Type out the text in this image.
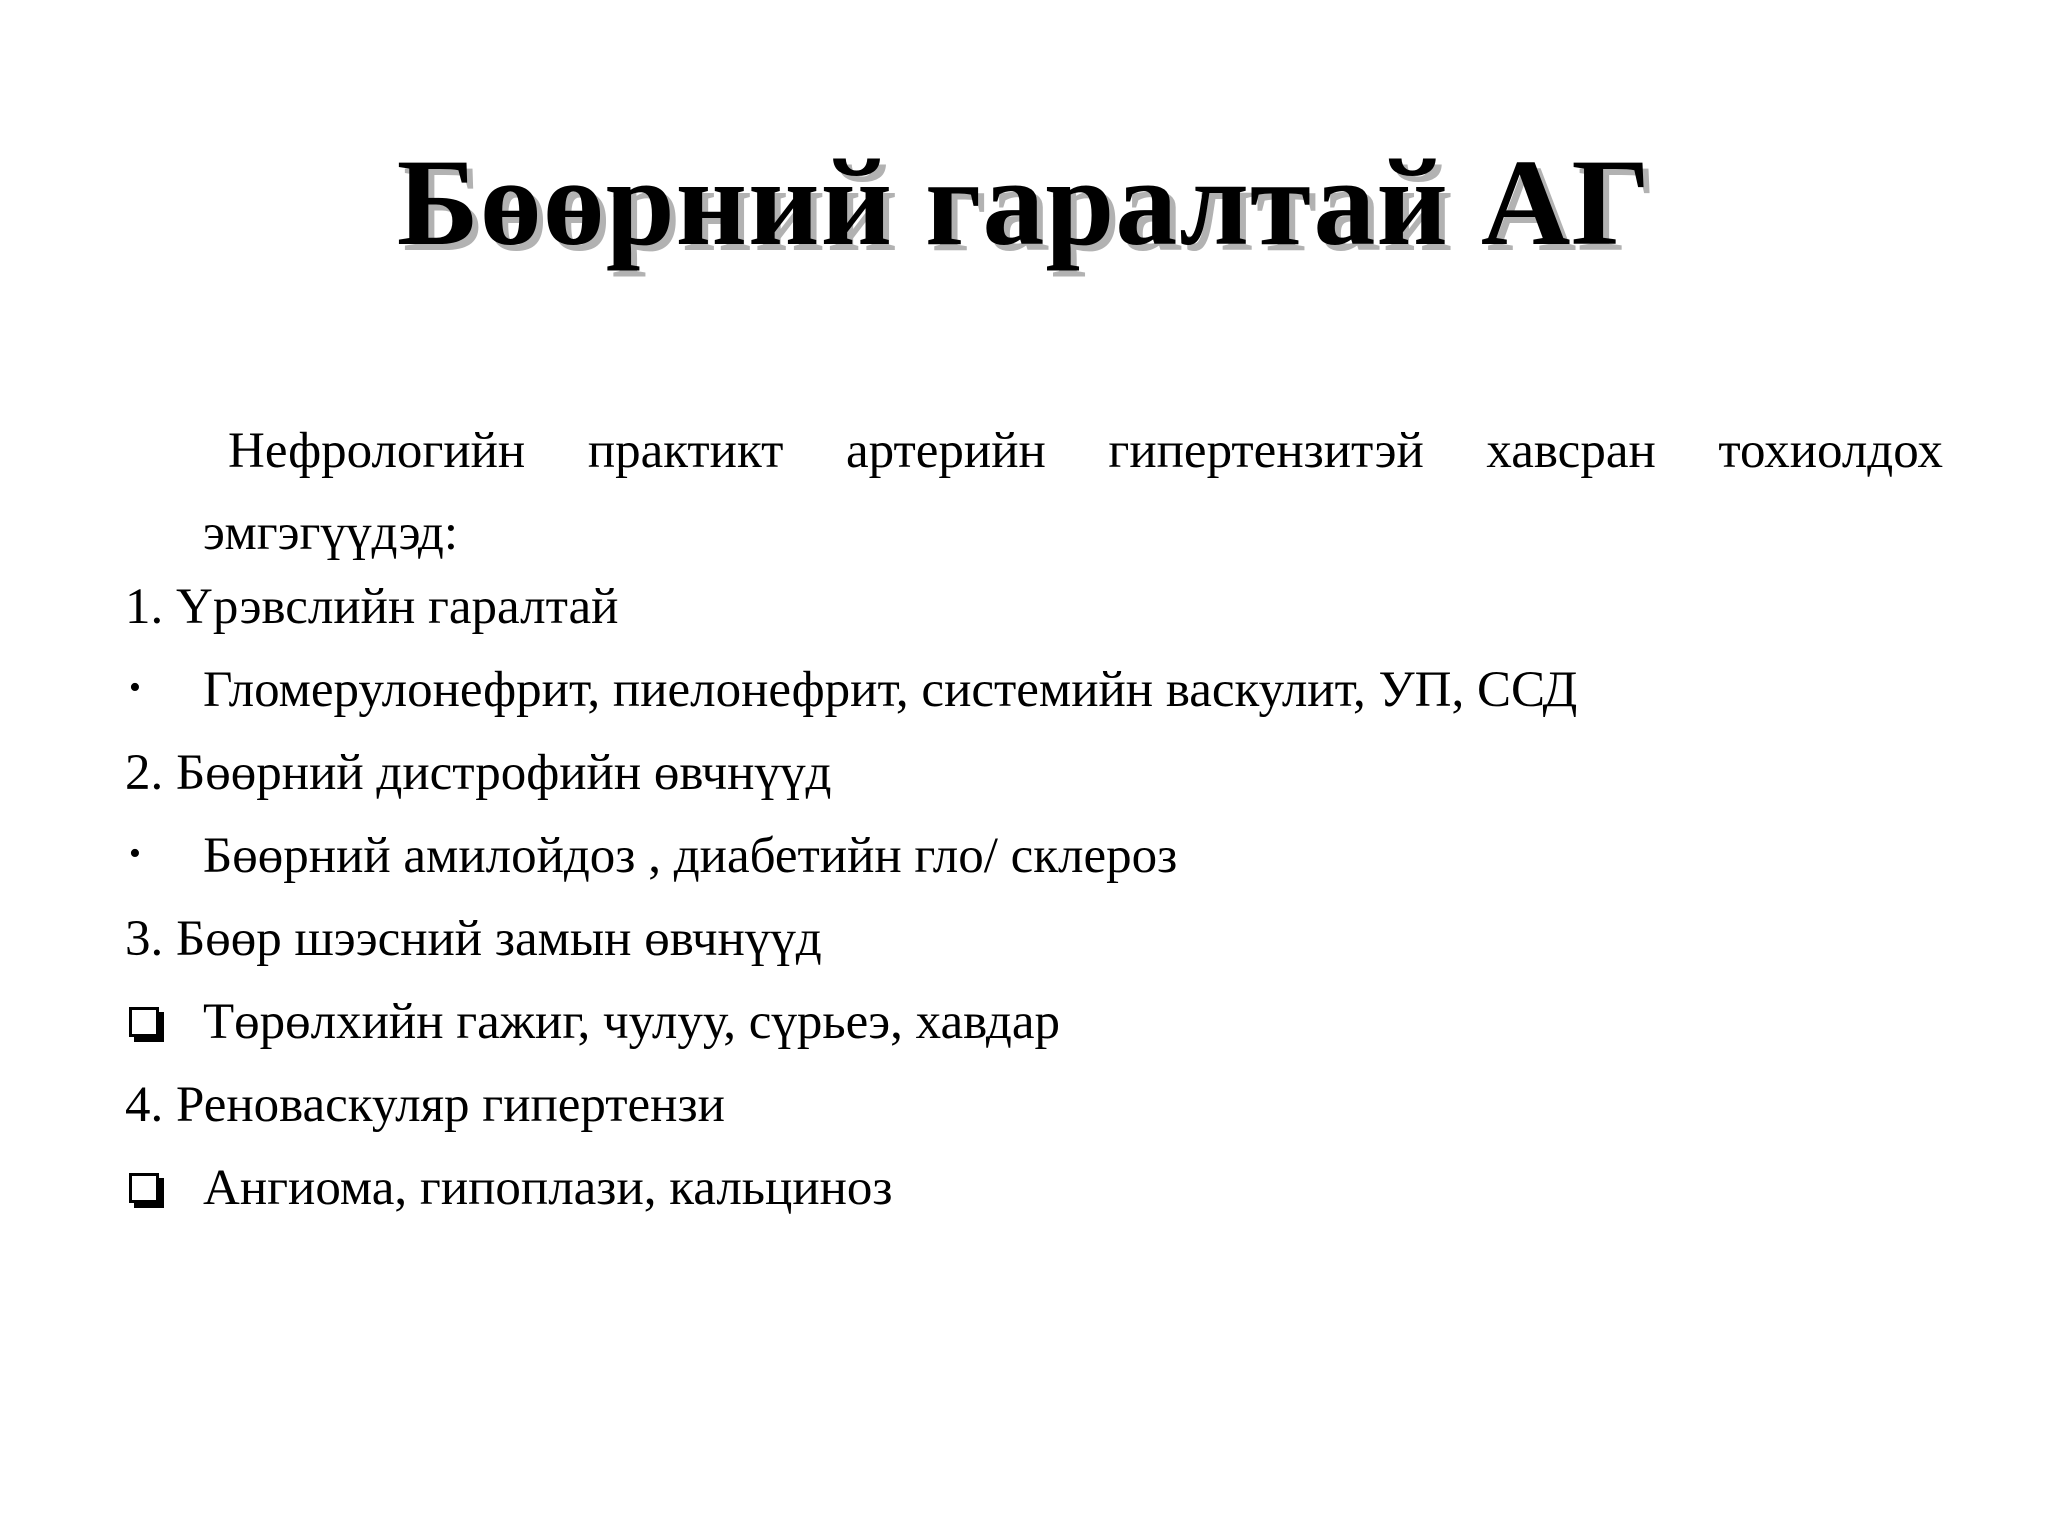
Бөөрний гаралтай АГ
Нефрологийн практикт артерийн гипертензитэй хавсран тохиолдох эмгэгүүдэд:
1. Үрэвслийн гаралтай
• Гломерулонефрит, пиелонефрит, системийн васкулит, УП, ССД
2. Бөөрний дистрофийн өвчнүүд
• Бөөрний амилойдоз , диабетийн гло/ склероз
3. Бөөр шээсний замын өвчнүүд
Төрөлхийн гажиг, чулуу, сүрьеэ, хавдар
4. Реноваскуляр гипертензи
Ангиома, гипоплази, кальциноз
